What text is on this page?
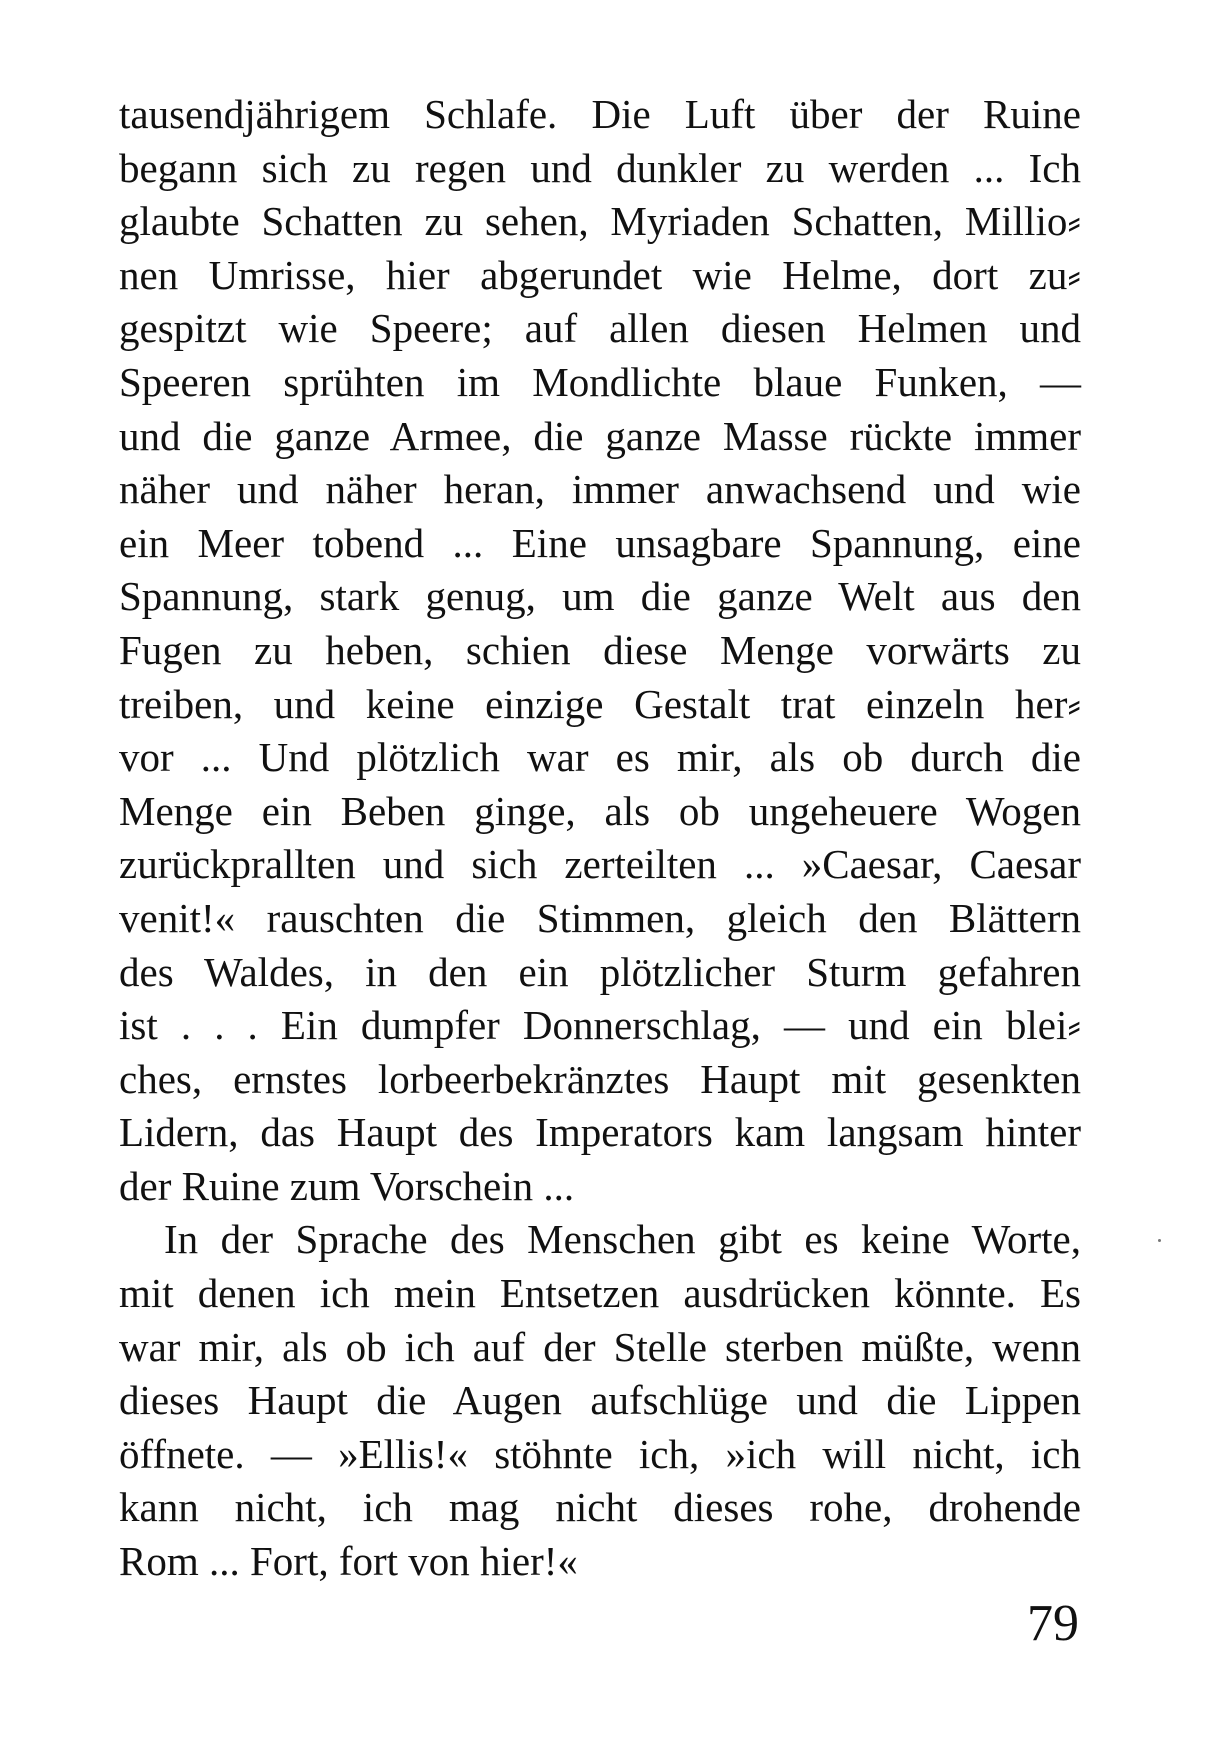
tausendjährigem Schlafe. Die Luft über der Ruine
begann sich zu regen und dunkler zu werden ... Ich
glaubte Schatten zu sehen, Myriaden Schatten, Millio⸗
nen Umrisse, hier abgerundet wie Helme, dort zu⸗
gespitzt wie Speere; auf allen diesen Helmen und
Speeren sprühten im Mondlichte blaue Funken, —
und die ganze Armee, die ganze Masse rückte immer
näher und näher heran, immer anwachsend und wie
ein Meer tobend ... Eine unsagbare Spannung, eine
Spannung, stark genug, um die ganze Welt aus den
Fugen zu heben, schien diese Menge vorwärts zu
treiben, und keine einzige Gestalt trat einzeln her⸗
vor ... Und plötzlich war es mir, als ob durch die
Menge ein Beben ginge, als ob ungeheuere Wogen
zurückprallten und sich zerteilten ... »Caesar, Caesar
venit!« rauschten die Stimmen, gleich den Blättern
des Waldes, in den ein plötzlicher Sturm gefahren
ist . . . Ein dumpfer Donnerschlag, — und ein blei⸗
ches, ernstes lorbeerbekränztes Haupt mit gesenkten
Lidern, das Haupt des Imperators kam langsam hinter
der Ruine zum Vorschein ...
In der Sprache des Menschen gibt es keine Worte,
mit denen ich mein Entsetzen ausdrücken könnte. Es
war mir, als ob ich auf der Stelle sterben müßte, wenn
dieses Haupt die Augen aufschlüge und die Lippen
öffnete. — »Ellis!« stöhnte ich, »ich will nicht, ich
kann nicht, ich mag nicht dieses rohe, drohende
Rom ... Fort, fort von hier!«
79
